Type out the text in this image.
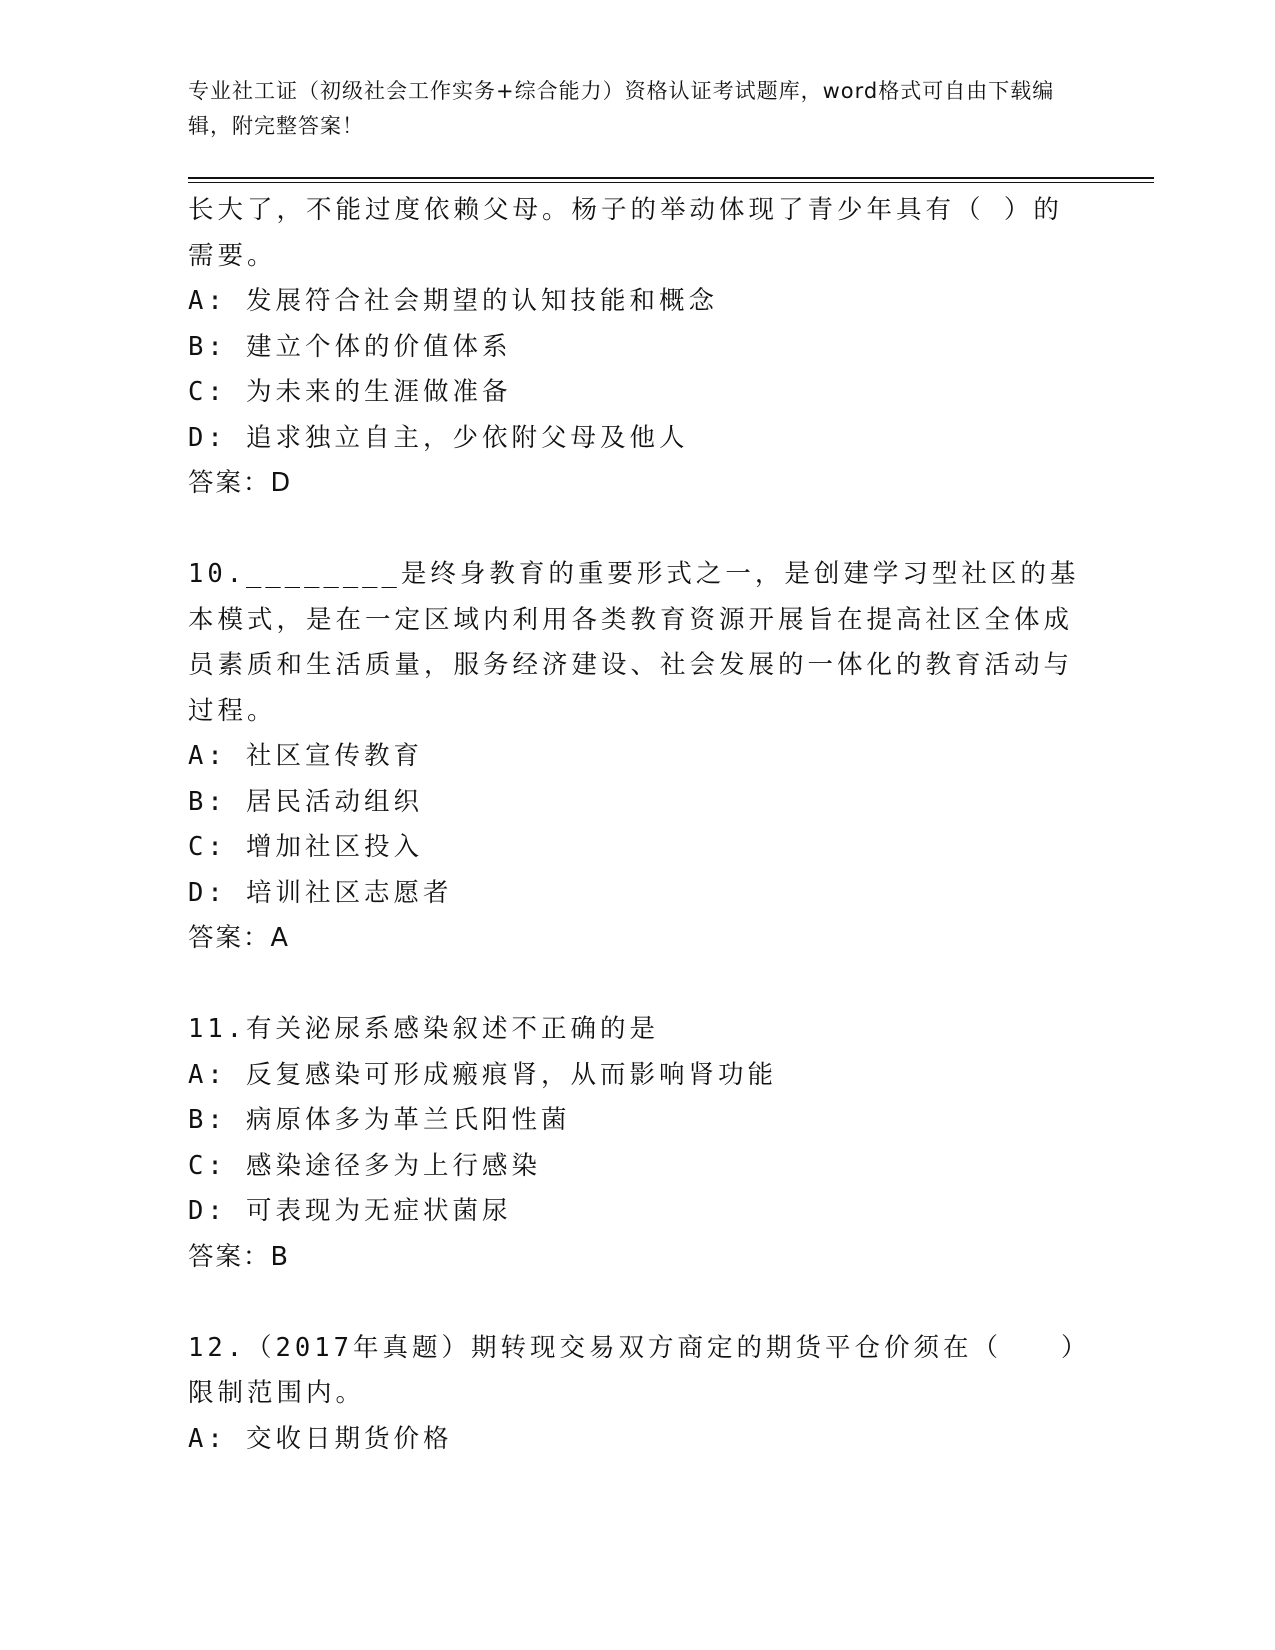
专业社工证（初级社会工作实务+综合能力）资格认证考试题库，word格式可自由下载编辑，附完整答案！
长大了，不能过度依赖父母。杨子的举动体现了青少年具有（ ）的需要。
A: 发展符合社会期望的认知技能和概念
B: 建立个体的价值体系
C: 为未来的生涯做准备
D: 追求独立自主，少依附父母及他人
答案：D
10.________是终身教育的重要形式之一，是创建学习型社区的基本模式，是在一定区域内利用各类教育资源开展旨在提高社区全体成员素质和生活质量，服务经济建设、社会发展的一体化的教育活动与过程。
A: 社区宣传教育
B: 居民活动组织
C: 增加社区投入
D: 培训社区志愿者
答案：A
11.有关泌尿系感染叙述不正确的是
A: 反复感染可形成瘢痕肾，从而影响肾功能
B: 病原体多为革兰氏阳性菌
C: 感染途径多为上行感染
D: 可表现为无症状菌尿
答案：B
12.（2017年真题）期转现交易双方商定的期货平仓价须在（　　）限制范围内。
A: 交收日期货价格
